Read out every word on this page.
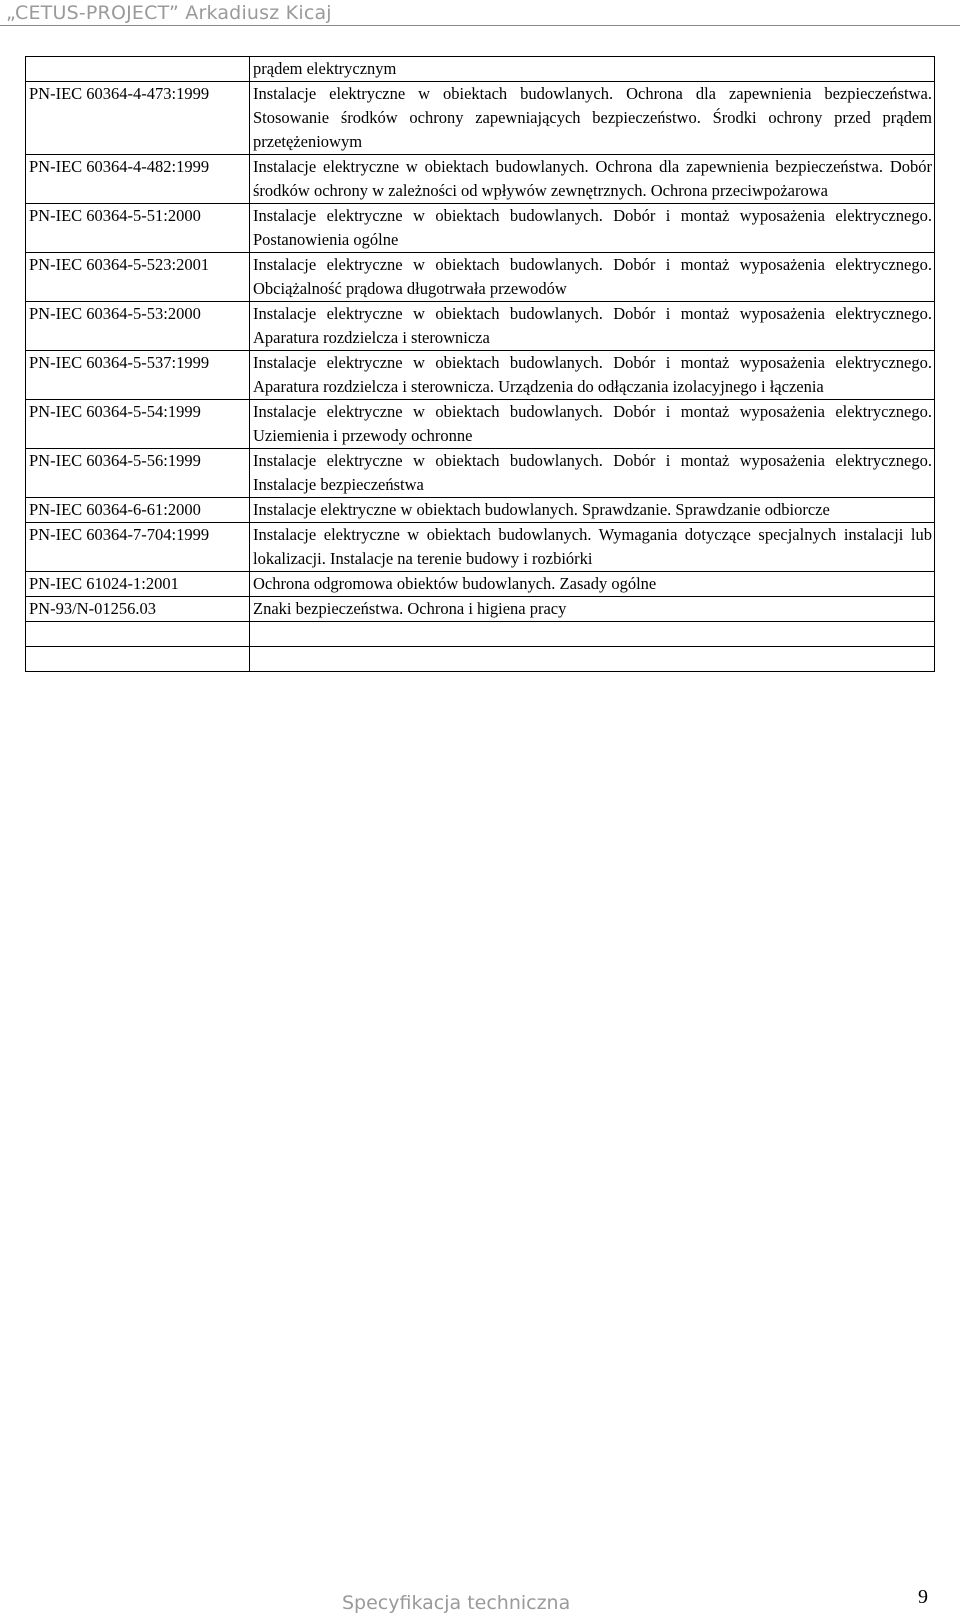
„CETUS-PROJECT” Arkadiusz Kicaj
	prądem elektrycznym
PN-IEC 60364-4-473:1999	Instalacje elektryczne w obiektach budowlanych. Ochrona dla zapewnienia bezpieczeństwa. Stosowanie środków ochrony zapewniających bezpieczeństwo. Środki ochrony przed prądem przetężeniowym
PN-IEC 60364-4-482:1999	Instalacje elektryczne w obiektach budowlanych. Ochrona dla zapewnienia bezpieczeństwa. Dobór środków ochrony w zależności od wpływów zewnętrznych. Ochrona przeciwpożarowa
PN-IEC 60364-5-51:2000	Instalacje elektryczne w obiektach budowlanych. Dobór i montaż wyposażenia elektrycznego. Postanowienia ogólne
PN-IEC 60364-5-523:2001	Instalacje elektryczne w obiektach budowlanych. Dobór i montaż wyposażenia elektrycznego. Obciążalność prądowa długotrwała przewodów
PN-IEC 60364-5-53:2000	Instalacje elektryczne w obiektach budowlanych. Dobór i montaż wyposażenia elektrycznego. Aparatura rozdzielcza i sterownicza
PN-IEC 60364-5-537:1999	Instalacje elektryczne w obiektach budowlanych. Dobór i montaż wyposażenia elektrycznego. Aparatura rozdzielcza i sterownicza. Urządzenia do odłączania izolacyjnego i łączenia
PN-IEC 60364-5-54:1999	Instalacje elektryczne w obiektach budowlanych. Dobór i montaż wyposażenia elektrycznego. Uziemienia i przewody ochronne
PN-IEC 60364-5-56:1999	Instalacje elektryczne w obiektach budowlanych. Dobór i montaż wyposażenia elektrycznego. Instalacje bezpieczeństwa
PN-IEC 60364-6-61:2000	Instalacje elektryczne w obiektach budowlanych. Sprawdzanie. Sprawdzanie odbiorcze
PN-IEC 60364-7-704:1999	Instalacje elektryczne w obiektach budowlanych. Wymagania dotyczące specjalnych instalacji lub lokalizacji. Instalacje na terenie budowy i rozbiórki
PN-IEC 61024-1:2001	Ochrona odgromowa obiektów budowlanych. Zasady ogólne
PN-93/N-01256.03	Znaki bezpieczeństwa. Ochrona i higiena pracy

Specyfikacja techniczna	9
